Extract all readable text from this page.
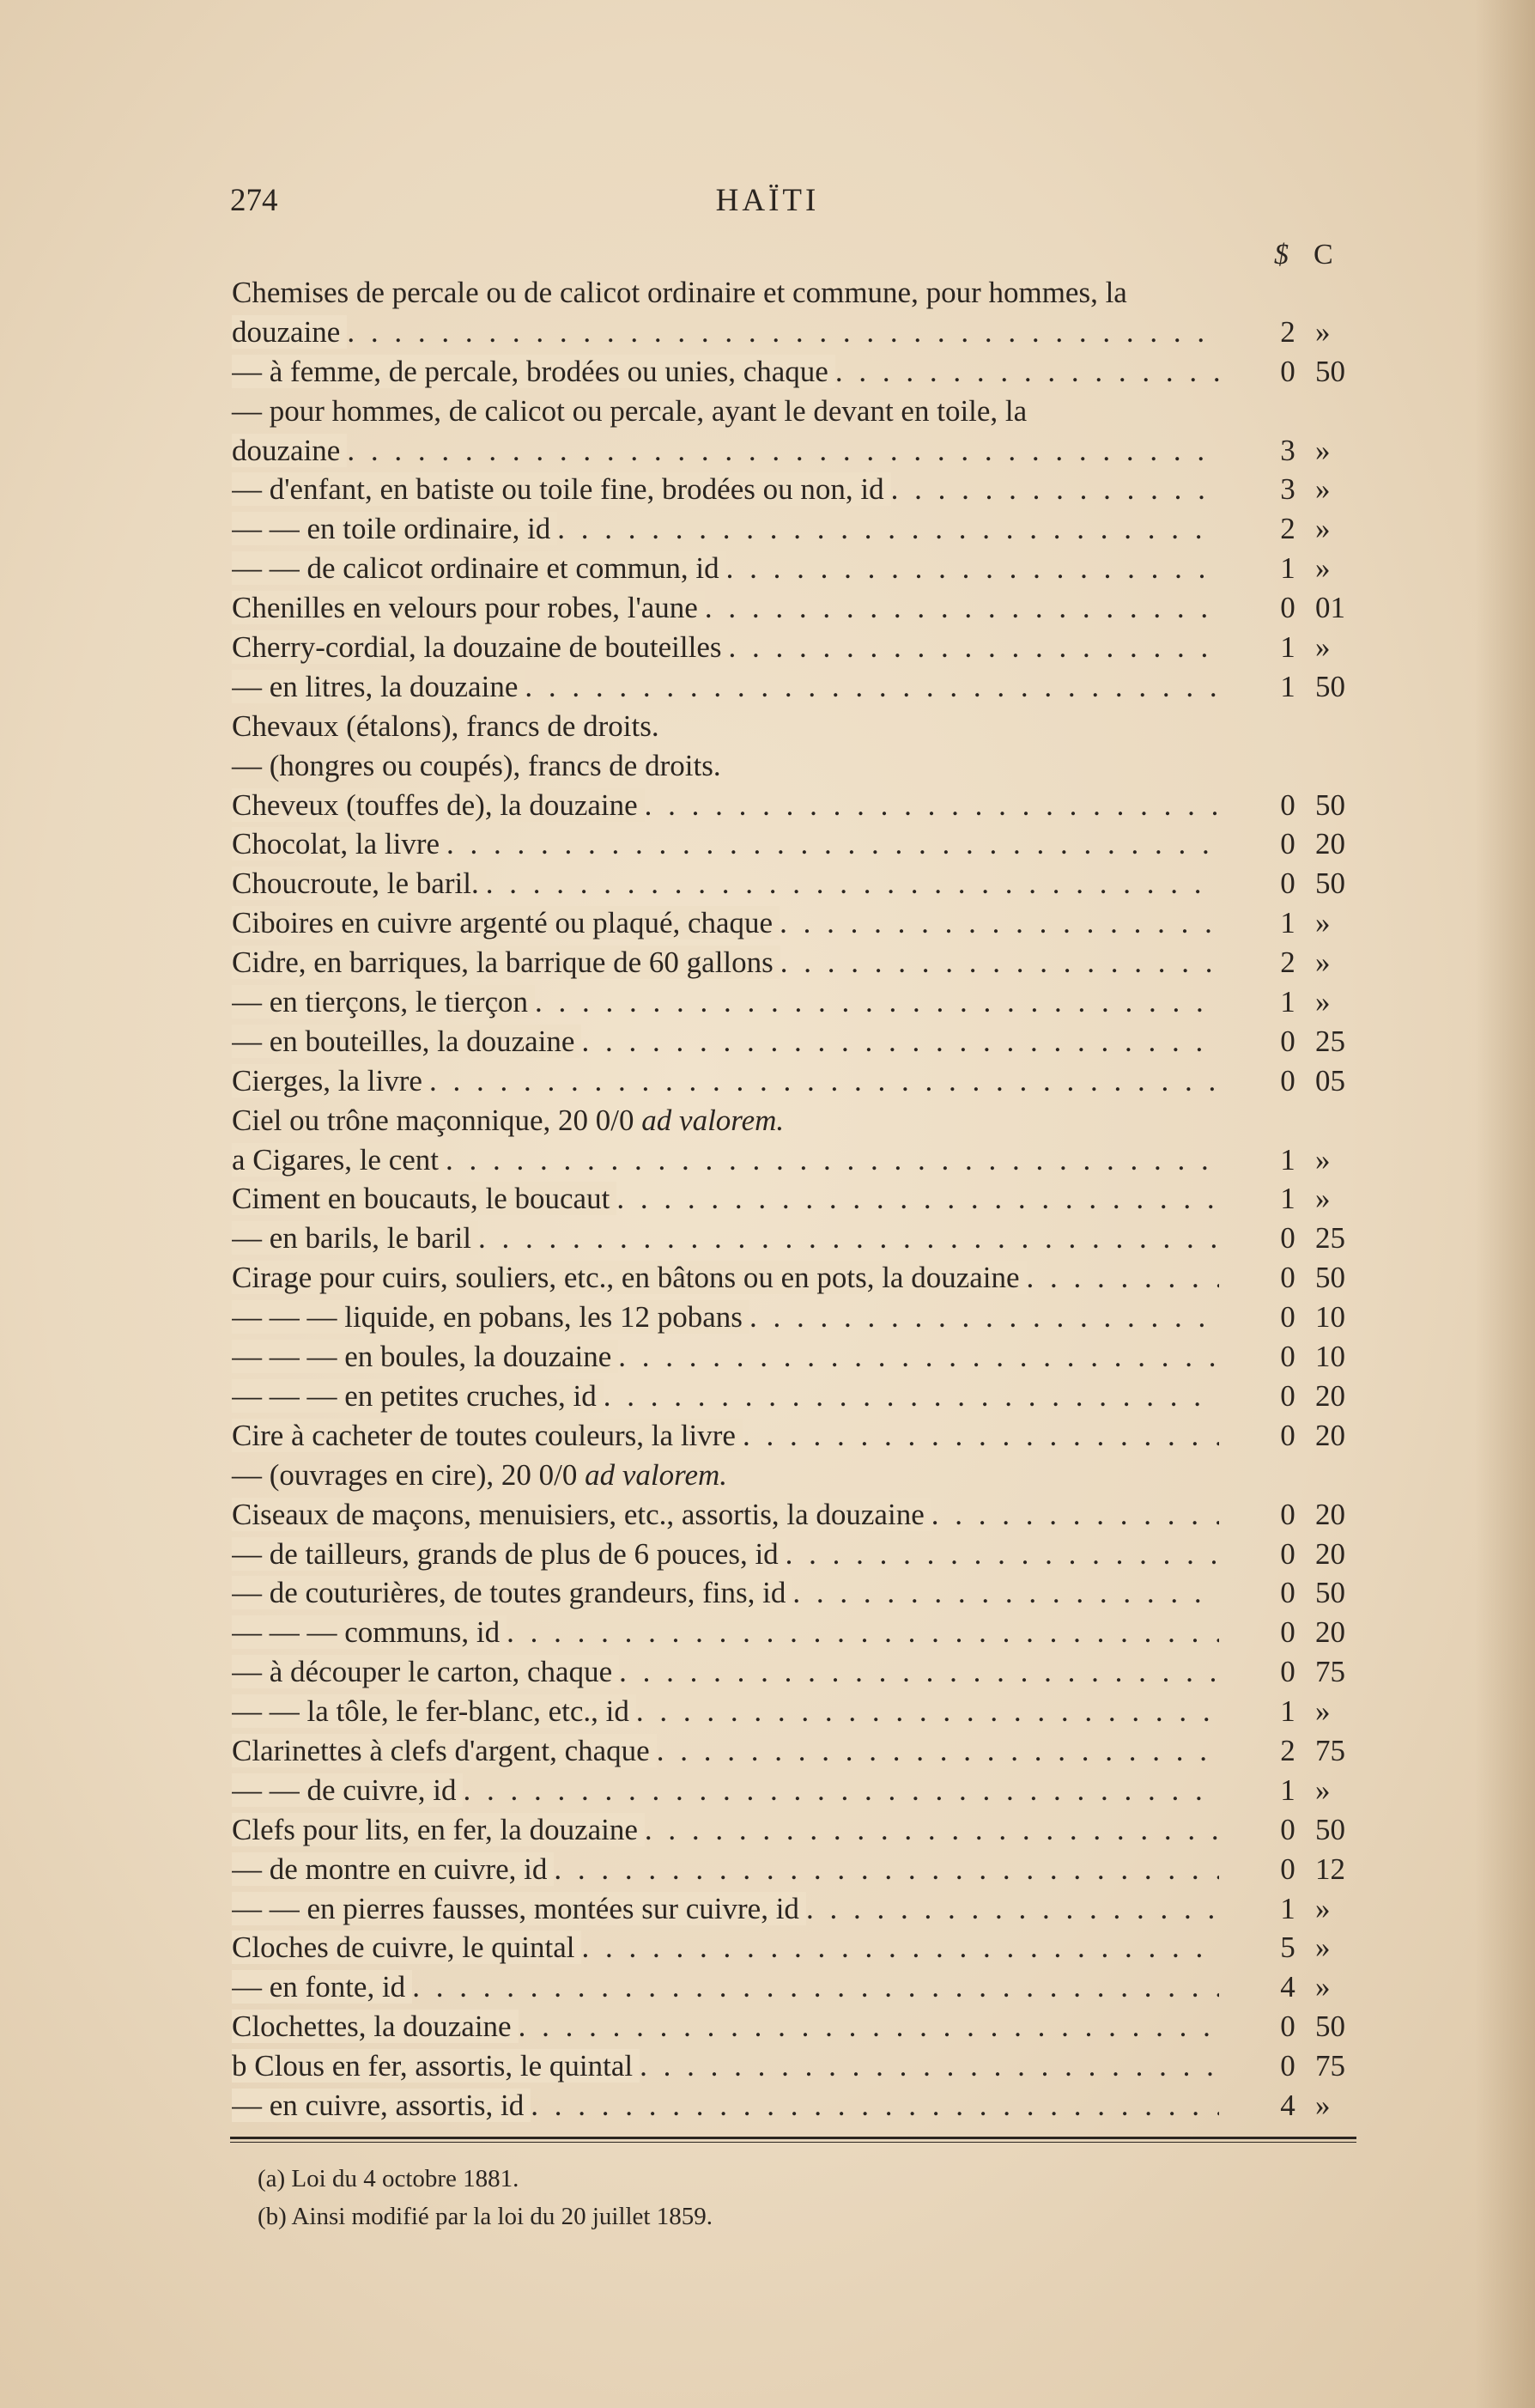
274	HAÏTI
$ C
Chemises de percale ou de calicot ordinaire et commune, pour hommes, la
douzaine . . .	2 »
— à femme, de percale, brodées ou unies, chaque . . .	0 50
— pour hommes, de calicot ou percale, ayant le devant en toile, la
douzaine . . .	3 »
— d'enfant, en batiste ou toile fine, brodées ou non, id . . .	3 »
— — en toile ordinaire, id . . .	2 »
— — de calicot ordinaire et commun, id . . .	1 »
Chenilles en velours pour robes, l'aune . . .	0 01
Cherry-cordial, la douzaine de bouteilles . . .	1 »
— en litres, la douzaine . . .	1 50
Chevaux (étalons), francs de droits.
— (hongres ou coupés), francs de droits.
Cheveux (touffes de), la douzaine . . .	0 50
Chocolat, la livre . . .	0 20
Choucroute, le baril. . . .	0 50
Ciboires en cuivre argenté ou plaqué, chaque . . .	1 »
Cidre, en barriques, la barrique de 60 gallons . . .	2 »
— en tierçons, le tierçon . . .	1 »
— en bouteilles, la douzaine . . .	0 25
Cierges, la livre . . .	0 05
Ciel ou trône maçonnique, 20 0/0 ad valorem.
a Cigares, le cent . . .	1 »
Ciment en boucauts, le boucaut . . .	1 »
— en barils, le baril . . .	0 25
Cirage pour cuirs, souliers, etc., en bâtons ou en pots, la douzaine . . .	0 50
— — — liquide, en pobans, les 12 pobans . . .	0 10
— — — en boules, la douzaine . . .	0 10
— — — en petites cruches, id . . .	0 20
Cire à cacheter de toutes couleurs, la livre . . .	0 20
— (ouvrages en cire), 20 0/0 ad valorem.
Ciseaux de maçons, menuisiers, etc., assortis, la douzaine . . .	0 20
— de tailleurs, grands de plus de 6 pouces, id . . .	0 20
— de couturières, de toutes grandeurs, fins, id . . .	0 50
— — — communs, id . . .	0 20
— à découper le carton, chaque . . .	0 75
— — la tôle, le fer-blanc, etc., id . . .	1 »
Clarinettes à clefs d'argent, chaque . . .	2 75
— — de cuivre, id . . .	1 »
Clefs pour lits, en fer, la douzaine . . .	0 50
— de montre en cuivre, id . . .	0 12
— — en pierres fausses, montées sur cuivre, id . . .	1 »
Cloches de cuivre, le quintal . . .	5 »
— en fonte, id . . .	4 »
Clochettes, la douzaine . . .	0 50
b Clous en fer, assortis, le quintal . . .	0 75
— en cuivre, assortis, id . . .	4 »
(a) Loi du 4 octobre 1881.
(b) Ainsi modifié par la loi du 20 juillet 1859.
